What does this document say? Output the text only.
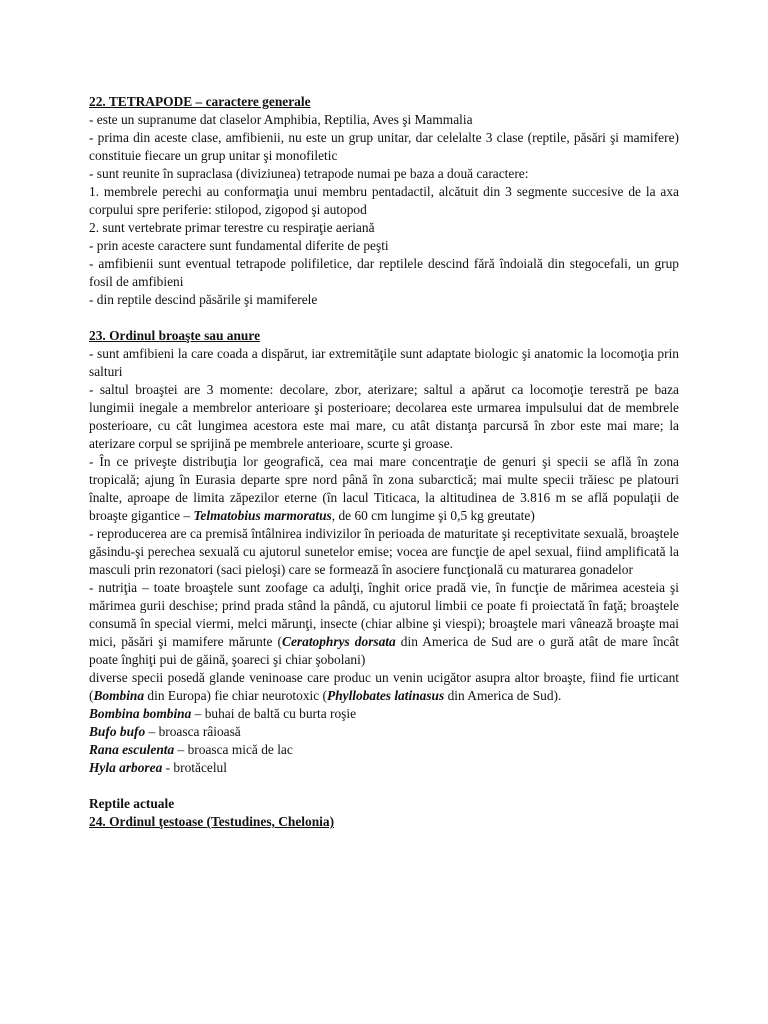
22. TETRAPODE – caractere generale

- este un supranume dat claselor Amphibia, Reptilia, Aves şi Mammalia

- prima din aceste clase, amfibienii, nu este un grup unitar, dar celelalte 3 clase (reptile, păsări şi mamifere) constituie fiecare un grup unitar şi monofiletic

- sunt reunite în supraclasa (diviziunea) tetrapode numai pe baza a două caractere:

1. membrele perechi au conformaţia unui membru pentadactil, alcătuit din 3 segmente succesive de la axa corpului spre periferie: stilopod, zigopod şi autopod

2. sunt vertebrate primar terestre cu respiraţie aeriană

- prin aceste caractere sunt fundamental diferite de peşti

- amfibienii sunt eventual tetrapode polifiletice, dar reptilele descind fără îndoială din stegocefali, un grup fosil de amfibieni

- din reptile descind păsările şi mamiferele

23. Ordinul broaşte sau anure

- sunt amfibieni la care coada a dispărut, iar extremităţile sunt adaptate biologic şi anatomic la locomoţia prin salturi

- saltul broaştei are 3 momente: decolare, zbor, aterizare; saltul a apărut ca locomoţie terestră pe baza lungimii inegale a membrelor anterioare şi posterioare; decolarea este urmarea impulsului dat de membrele posterioare, cu cât lungimea acestora este mai mare, cu atât distanţa parcursă în zbor este mai mare; la aterizare corpul se sprijină pe membrele anterioare, scurte şi groase.

- În ce priveşte distribuţia lor geografică, cea mai mare concentraţie de genuri şi specii se află în zona tropicală; ajung în Eurasia departe spre nord până în zona subarctică; mai multe specii trăiesc pe platouri înalte, aproape de limita zăpezilor eterne (în lacul Titicaca, la altitudinea de 3.816 m se află populaţii de broaşte gigantice – Telmatobius marmoratus, de 60 cm lungime şi 0,5 kg greutate)

- reproducerea are ca premisă întâlnirea indivizilor în perioada de maturitate şi receptivitate sexuală, broaştele găsindu-şi perechea sexuală cu ajutorul sunetelor emise; vocea are funcţie de apel sexual, fiind amplificată la masculi prin rezonatori (saci pieloşi) care se formează în asociere funcţională cu maturarea gonadelor

- nutriţia – toate broaştele sunt zoofage ca adulţi, înghit orice pradă vie, în funcţie de mărimea acesteia şi mărimea gurii deschise; prind prada stând la pândă, cu ajutorul limbii ce poate fi proiectată în faţă; broaştele consumă în special viermi, melci mărunţi, insecte (chiar albine şi viespi); broaştele mari vânează broaşte mai mici, păsări şi mamifere mărunte (Ceratophrys dorsata din America de Sud are o gură atât de mare încât poate înghiţi pui de găină, şoareci şi chiar şobolani)

diverse specii posedă glande veninoase care produc un venin ucigător asupra altor broaşte, fiind fie urticant (Bombina din Europa) fie chiar neurotoxic (Phyllobates latinasus din America de Sud).

Bombina bombina – buhai de baltă cu burta roşie

Bufo bufo – broasca râioasă

Rana esculenta – broasca mică de lac

Hyla arborea - brotăcelul

Reptile actuale

24. Ordinul ţestoase (Testudines, Chelonia)
